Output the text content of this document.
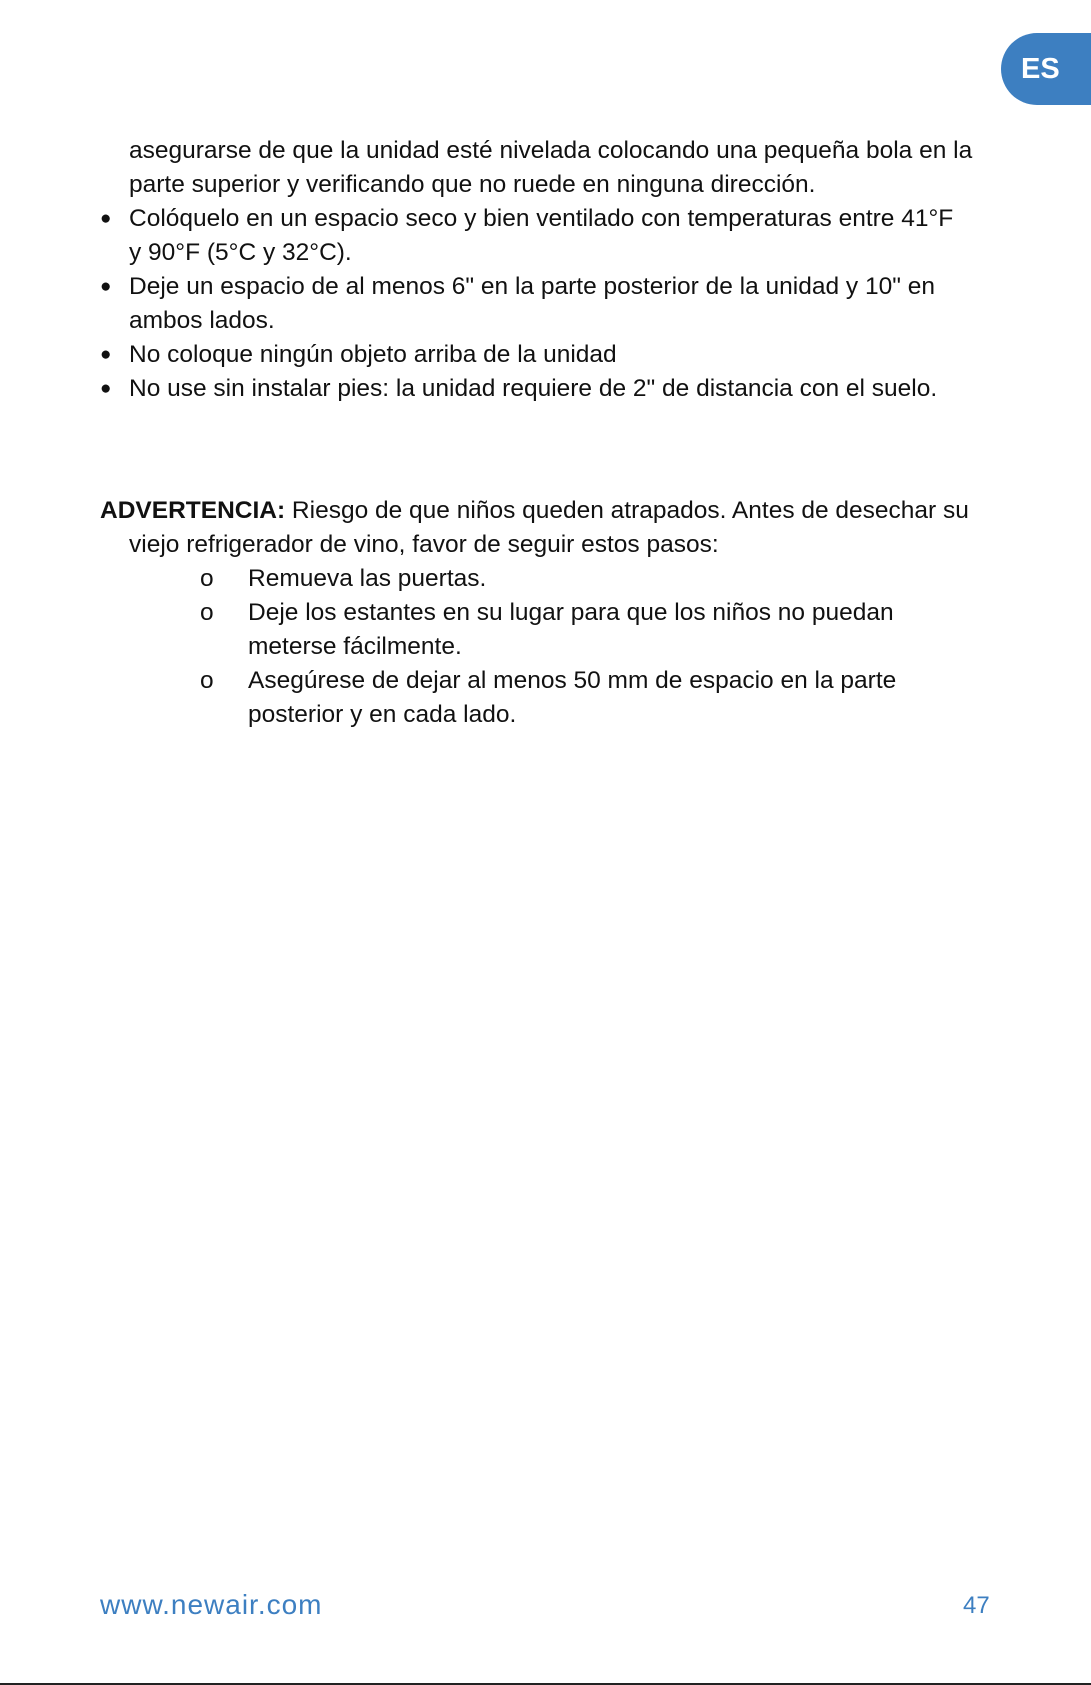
ES
asegurarse de que la unidad esté nivelada colocando una pequeña bola en la
parte superior y verificando que no ruede en ninguna dirección.
● Colóquelo en un espacio seco y bien ventilado con temperaturas entre 41°F
y 90°F (5°C y 32°C).
● Deje un espacio de al menos 6" en la parte posterior de la unidad y 10" en
ambos lados.
● No coloque ningún objeto arriba de la unidad
● No use sin instalar pies: la unidad requiere de 2" de distancia con el suelo.
ADVERTENCIA: Riesgo de que niños queden atrapados. Antes de desechar su
viejo refrigerador de vino, favor de seguir estos pasos:
o Remueva las puertas.
o Deje los estantes en su lugar para que los niños no puedan
meterse fácilmente.
o Asegúrese de dejar al menos 50 mm de espacio en la parte
posterior y en cada lado.
www.newair.com	47
